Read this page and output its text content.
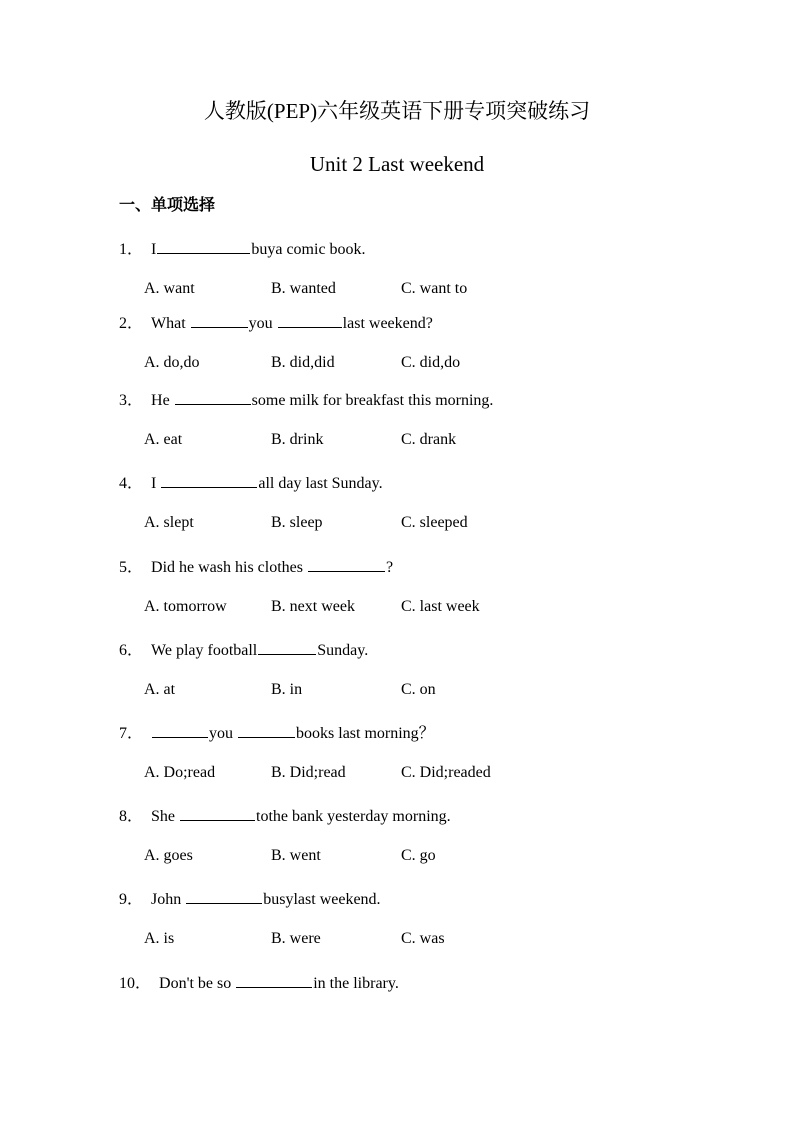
人教版(PEP)六年级英语下册专项突破练习
Unit 2 Last weekend
一、单项选择
1． I	buya comic book.
A. want	B. wanted	C. want to
2． What	you	last weekend?
A. do,do	B. did,did	C. did,do
3． He	some milk for breakfast this morning.
A. eat	B. drink	C. drank
4． I	all day last Sunday.
A. slept	B. sleep	C. sleeped
5． Did he wash his clothes	?
A. tomorrow	B. next week	C. last week
6． We play football	Sunday.
A. at	B. in	C. on
7．	you	books last morning？
A. Do;read	B. Did;read	C. Did;readed
8． She	tothe bank yesterday morning.
A. goes	B. went	C. go
9． John	busylast weekend.
A. is	B. were	C. was
10． Don't be so	in the library.
